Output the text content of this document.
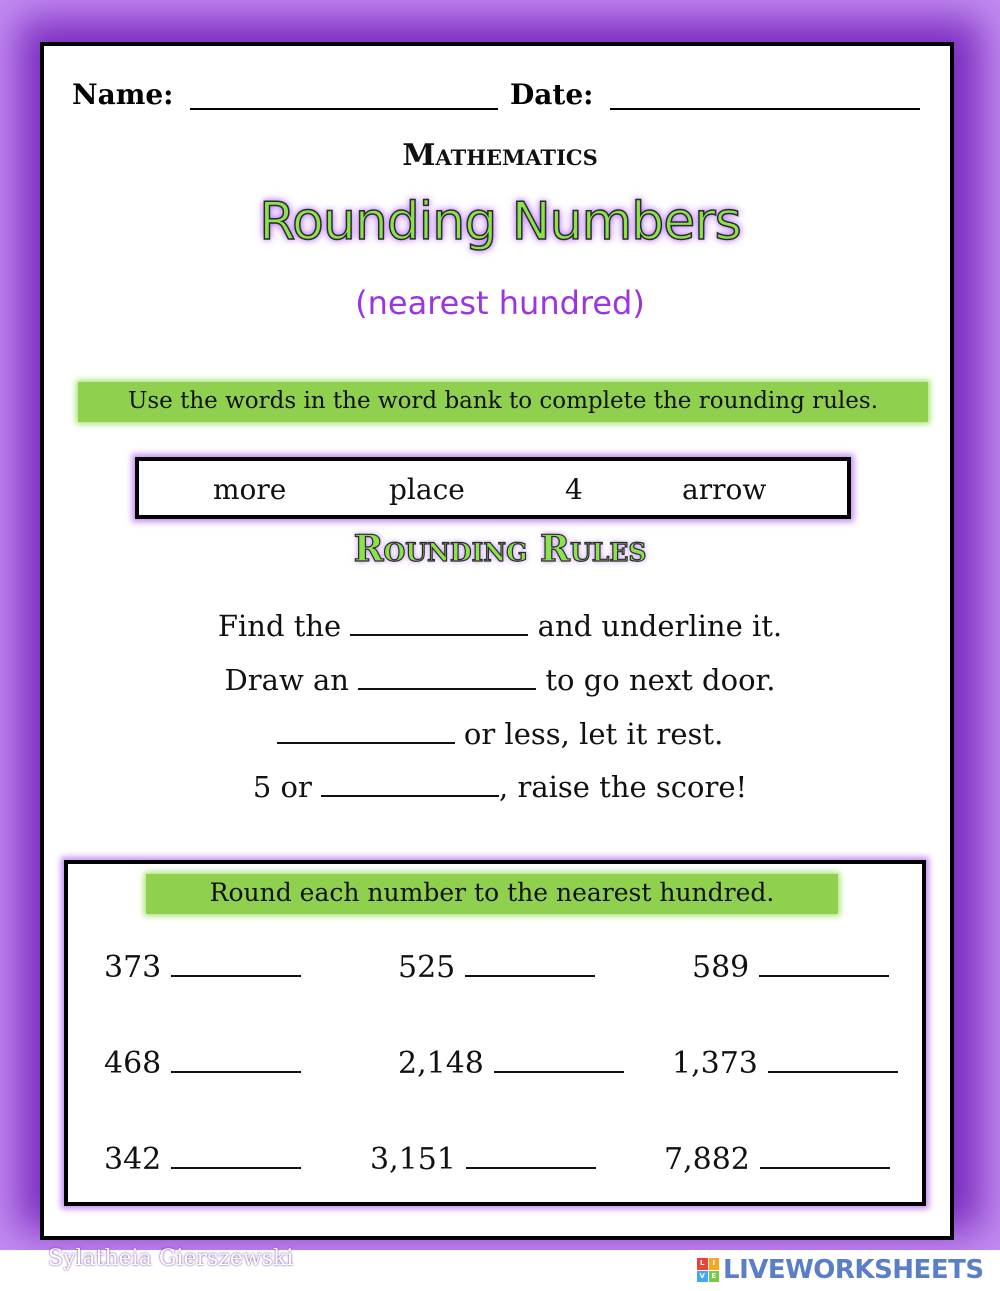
Name:	Date:
Mathematics
Rounding Numbers
(nearest hundred)
Use the words in the word bank to complete the rounding rules.
more	place	4	arrow
Rounding Rules
Find the	and underline it.
Draw an	to go next door.
or less, let it rest.
5 or	, raise the score!
Round each number to the nearest hundred.
373	525	589
468	2,148	1,373
342	3,151	7,882
Sylatheia Gierszewski	L	I
V E LIVEWORKSHEETS
